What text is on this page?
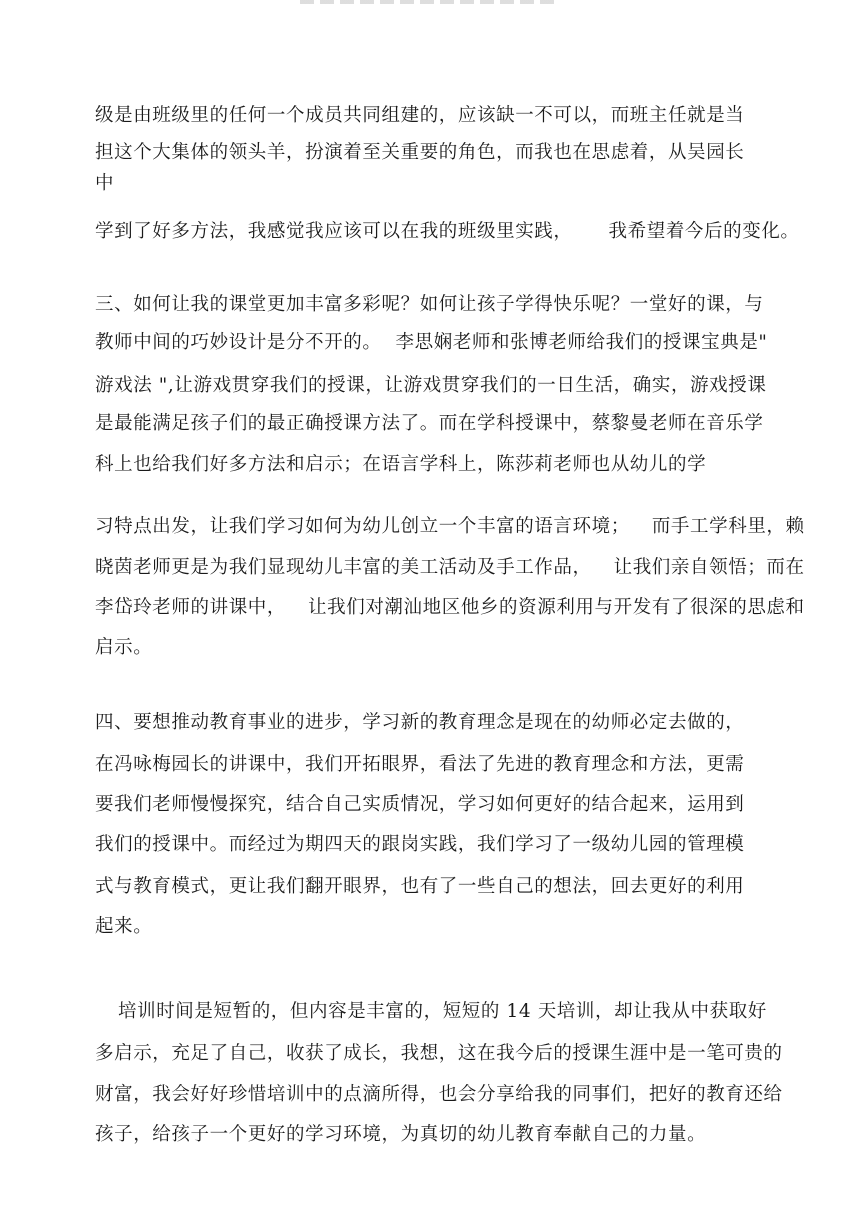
级是由班级里的任何一个成员共同组建的，应该缺一不可以，而班主任就是当
担这个大集体的领头羊，扮演着至关重要的角色，而我也在思虑着，从吴园长
中
学到了好多方法，我感觉我应该可以在我的班级里实践， 我希望着今后的变化。
三、如何让我的课堂更加丰富多彩呢？如何让孩子学得快乐呢？一堂好的课，与
教师中间的巧妙设计是分不开的。 李思娴老师和张博老师给我们的授课宝典是"
游戏法 ",让游戏贯穿我们的授课，让游戏贯穿我们的一日生活，确实，游戏授课
是最能满足孩子们的最正确授课方法了。而在学科授课中，蔡黎曼老师在音乐学
科上也给我们好多方法和启示；在语言学科上，陈莎莉老师也从幼儿的学
习特点出发，让我们学习如何为幼儿创立一个丰富的语言环境； 而手工学科里，赖
晓茵老师更是为我们显现幼儿丰富的美工活动及手工作品， 让我们亲自领悟；而在
李岱玲老师的讲课中， 让我们对潮汕地区他乡的资源利用与开发有了很深的思虑和
启示。
四、要想推动教育事业的进步，学习新的教育理念是现在的幼师必定去做的，
在冯咏梅园长的讲课中，我们开拓眼界，看法了先进的教育理念和方法，更需
要我们老师慢慢探究，结合自己实质情况，学习如何更好的结合起来，运用到
我们的授课中。而经过为期四天的跟岗实践，我们学习了一级幼儿园的管理模
式与教育模式，更让我们翻开眼界，也有了一些自己的想法，回去更好的利用
起来。
培训时间是短暂的，但内容是丰富的，短短的 14 天培训，却让我从中获取好
多启示，充足了自己，收获了成长，我想，这在我今后的授课生涯中是一笔可贵的
财富，我会好好珍惜培训中的点滴所得，也会分享给我的同事们，把好的教育还给
孩子，给孩子一个更好的学习环境，为真切的幼儿教育奉献自己的力量。
